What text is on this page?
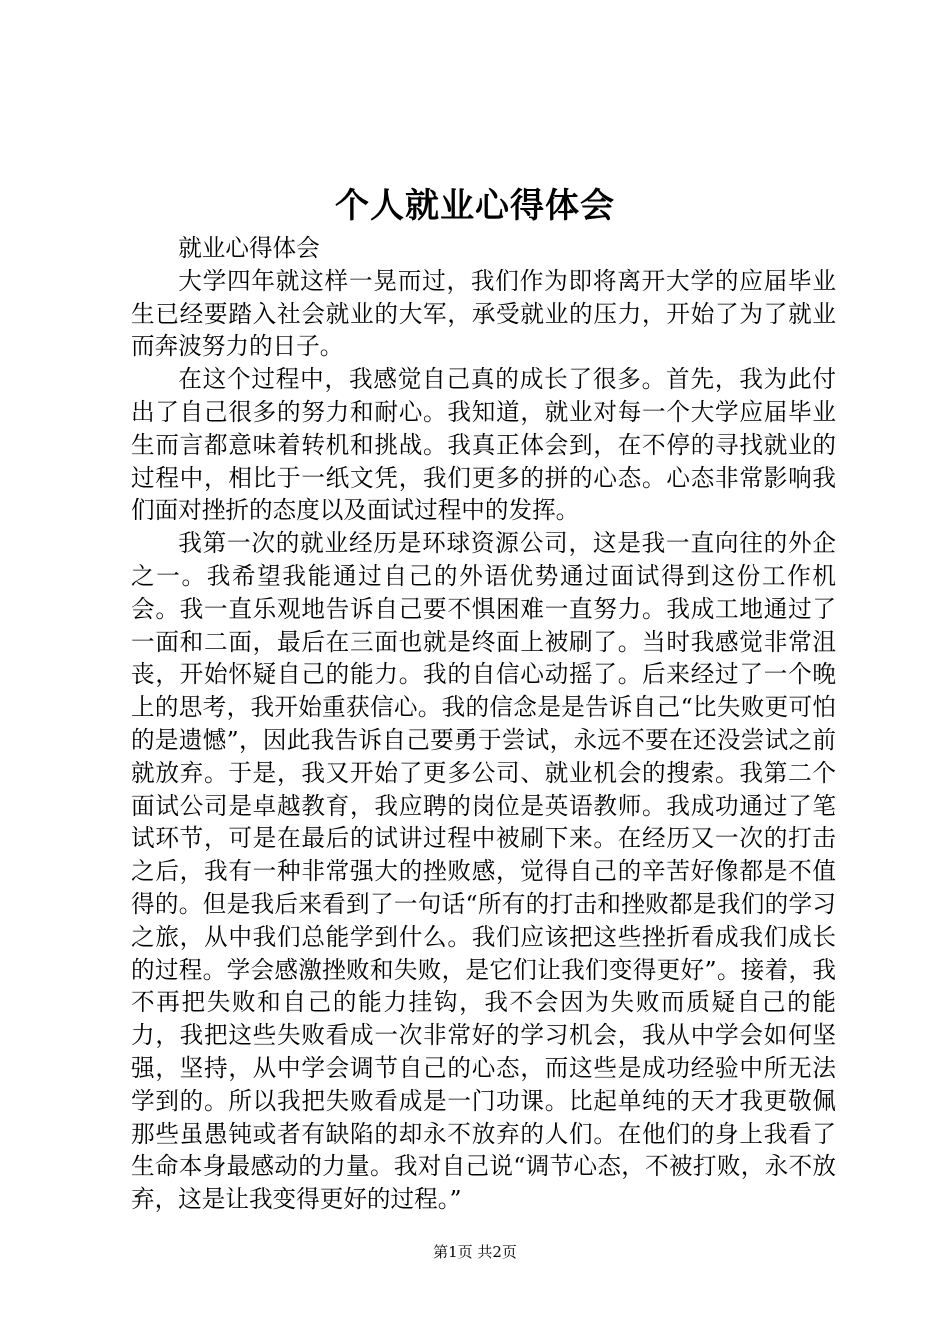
个人就业心得体会

就业心得体会

大学四年就这样一晃而过，我们作为即将离开大学的应届毕业生已经要踏入社会就业的大军，承受就业的压力，开始了为了就业而奔波努力的日子。

在这个过程中，我感觉自己真的成长了很多。首先，我为此付出了自己很多的努力和耐心。我知道，就业对每一个大学应届毕业生而言都意味着转机和挑战。我真正体会到，在不停的寻找就业的过程中，相比于一纸文凭，我们更多的拼的心态。心态非常影响我们面对挫折的态度以及面试过程中的发挥。

我第一次的就业经历是环球资源公司，这是我一直向往的外企之一。我希望我能通过自己的外语优势通过面试得到这份工作机会。我一直乐观地告诉自己要不惧困难一直努力。我成工地通过了一面和二面，最后在三面也就是终面上被刷了。当时我感觉非常沮丧，开始怀疑自己的能力。我的自信心动摇了。后来经过了一个晚上的思考，我开始重获信心。我的信念是是告诉自己“比失败更可怕的是遗憾”，因此我告诉自己要勇于尝试，永远不要在还没尝试之前就放弃。于是，我又开始了更多公司、就业机会的搜索。我第二个面试公司是卓越教育，我应聘的岗位是英语教师。我成功通过了笔试环节，可是在最后的试讲过程中被刷下来。在经历又一次的打击之后，我有一种非常强大的挫败感，觉得自己的辛苦好像都是不值得的。但是我后来看到了一句话“所有的打击和挫败都是我们的学习之旅，从中我们总能学到什么。我们应该把这些挫折看成我们成长的过程。学会感激挫败和失败，是它们让我们变得更好”。接着，我不再把失败和自己的能力挂钩，我不会因为失败而质疑自己的能力，我把这些失败看成一次非常好的学习机会，我从中学会如何坚强，坚持，从中学会调节自己的心态，而这些是成功经验中所无法学到的。所以我把失败看成是一门功课。比起单纯的天才我更敬佩那些虽愚钝或者有缺陷的却永不放弃的人们。在他们的身上我看了生命本身最感动的力量。我对自己说“调节心态，不被打败，永不放弃，这是让我变得更好的过程。”

第1页 共2页
